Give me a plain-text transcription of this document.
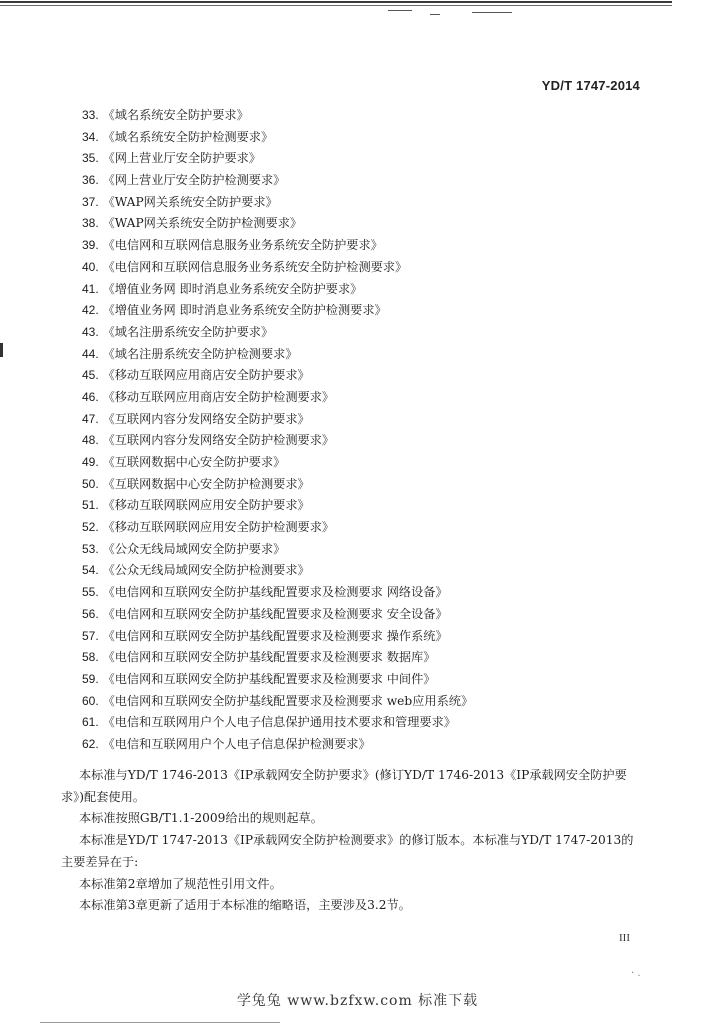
YD/T 1747-2014
33. 《域名系统安全防护要求》
34. 《域名系统安全防护检测要求》
35. 《网上营业厅安全防护要求》
36. 《网上营业厅安全防护检测要求》
37. 《WAP网关系统安全防护要求》
38. 《WAP网关系统安全防护检测要求》
39. 《电信网和互联网信息服务业务系统安全防护要求》
40. 《电信网和互联网信息服务业务系统安全防护检测要求》
41. 《增值业务网 即时消息业务系统安全防护要求》
42. 《增值业务网 即时消息业务系统安全防护检测要求》
43. 《域名注册系统安全防护要求》
44. 《域名注册系统安全防护检测要求》
45. 《移动互联网应用商店安全防护要求》
46. 《移动互联网应用商店安全防护检测要求》
47. 《互联网内容分发网络安全防护要求》
48. 《互联网内容分发网络安全防护检测要求》
49. 《互联网数据中心安全防护要求》
50. 《互联网数据中心安全防护检测要求》
51. 《移动互联网联网应用安全防护要求》
52. 《移动互联网联网应用安全防护检测要求》
53. 《公众无线局域网安全防护要求》
54. 《公众无线局域网安全防护检测要求》
55. 《电信网和互联网安全防护基线配置要求及检测要求 网络设备》
56. 《电信网和互联网安全防护基线配置要求及检测要求 安全设备》
57. 《电信网和互联网安全防护基线配置要求及检测要求 操作系统》
58. 《电信网和互联网安全防护基线配置要求及检测要求 数据库》
59. 《电信网和互联网安全防护基线配置要求及检测要求 中间件》
60. 《电信网和互联网安全防护基线配置要求及检测要求 web应用系统》
61. 《电信和互联网用户个人电子信息保护通用技术要求和管理要求》
62. 《电信和互联网用户个人电子信息保护检测要求》

本标准与YD/T 1746-2013《IP承载网安全防护要求》(修订YD/T 1746-2013《IP承载网安全防护要求》)配套使用。

本标准按照GB/T1.1-2009给出的规则起草。

本标准是YD/T 1747-2013《IP承载网安全防护检测要求》的修订版本。本标准与YD/T 1747-2013的主要差异在于:

本标准第2章增加了规范性引用文件。

本标准第3章更新了适用于本标准的缩略语，主要涉及3.2节。

III
· .
学兔兔 www.bzfxw.com 标准下载
